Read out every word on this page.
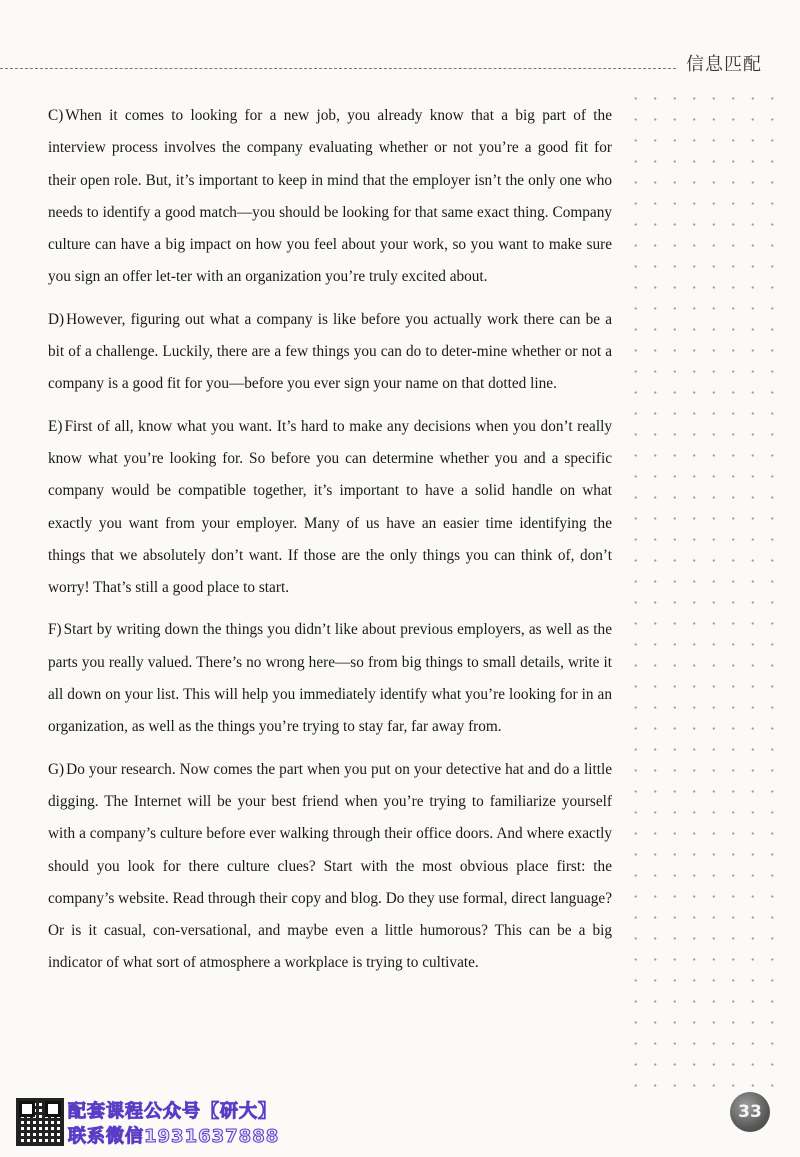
信息匹配

C) When it comes to looking for a new job, you already know that a big part of the interview process involves the company evaluating whether or not you’re a good fit for their open role. But, it’s important to keep in mind that the employer isn’t the only one who needs to identify a good match—you should be looking for that same exact thing. Company culture can have a big impact on how you feel about your work, so you want to make sure you sign an offer let-ter with an organization you’re truly excited about.

D) However, figuring out what a company is like before you actually work there can be a bit of a challenge. Luckily, there are a few things you can do to deter-mine whether or not a company is a good fit for you—before you ever sign your name on that dotted line.

E) First of all, know what you want. It’s hard to make any decisions when you don’t really know what you’re looking for. So before you can determine whether you and a specific company would be compatible together, it’s important to have a solid handle on what exactly you want from your employer. Many of us have an easier time identifying the things that we absolutely don’t want. If those are the only things you can think of, don’t worry! That’s still a good place to start.

F) Start by writing down the things you didn’t like about previous employers, as well as the parts you really valued. There’s no wrong here—so from big things to small details, write it all down on your list. This will help you immediately identify what you’re looking for in an organization, as well as the things you’re trying to stay far, far away from.

G) Do your research. Now comes the part when you put on your detective hat and do a little digging. The Internet will be your best friend when you’re trying to familiarize yourself with a company’s culture before ever walking through their office doors. And where exactly should you look for there culture clues? Start with the most obvious place first: the company’s website. Read through their copy and blog. Do they use formal, direct language? Or is it casual, con-versational, and maybe even a little humorous? This can be a big indicator of what sort of atmosphere a workplace is trying to cultivate.

配套课程公众号【研大】
联系微信1931637888
33
